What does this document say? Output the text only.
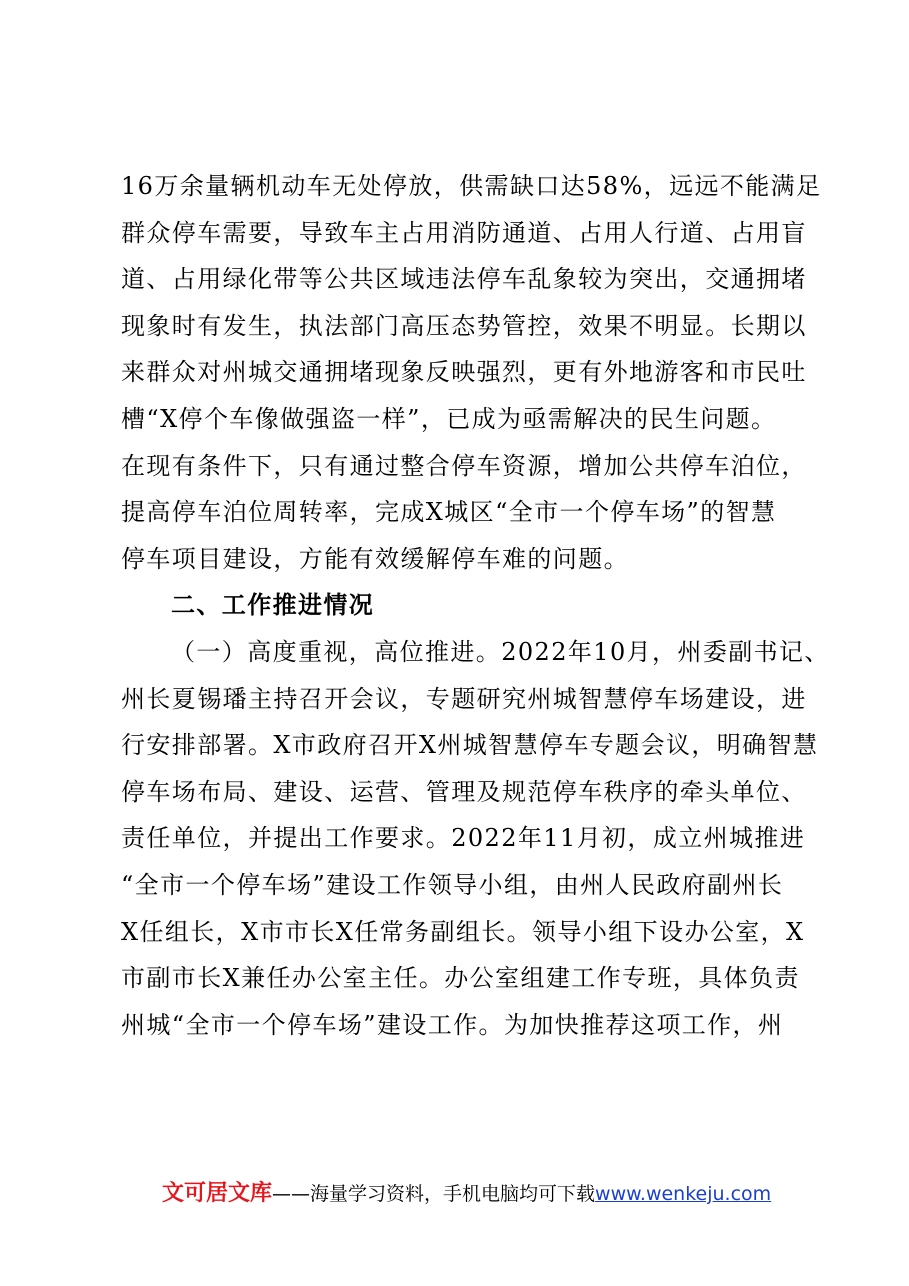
16万余量辆机动车无处停放，供需缺口达58%，远远不能满足
群众停车需要，导致车主占用消防通道、占用人行道、占用盲
道、占用绿化带等公共区域违法停车乱象较为突出，交通拥堵
现象时有发生，执法部门高压态势管控，效果不明显。长期以
来群众对州城交通拥堵现象反映强烈，更有外地游客和市民吐
槽“X停个车像做强盗一样”，已成为亟需解决的民生问题。
在现有条件下，只有通过整合停车资源，增加公共停车泊位，
提高停车泊位周转率，完成X城区“全市一个停车场”的智慧
停车项目建设，方能有效缓解停车难的问题。
二、工作推进情况
（一）高度重视，高位推进。2022年10月，州委副书记、
州长夏锡璠主持召开会议，专题研究州城智慧停车场建设，进
行安排部署。X市政府召开X州城智慧停车专题会议，明确智慧
停车场布局、建设、运营、管理及规范停车秩序的牵头单位、
责任单位，并提出工作要求。2022年11月初，成立州城推进
“全市一个停车场”建设工作领导小组，由州人民政府副州长
X任组长，X市市长X任常务副组长。领导小组下设办公室，X
市副市长X兼任办公室主任。办公室组建工作专班，具体负责
州城“全市一个停车场”建设工作。为加快推荐这项工作，州
文可居文库——海量学习资料，手机电脑均可下载www.wenkeju.com
